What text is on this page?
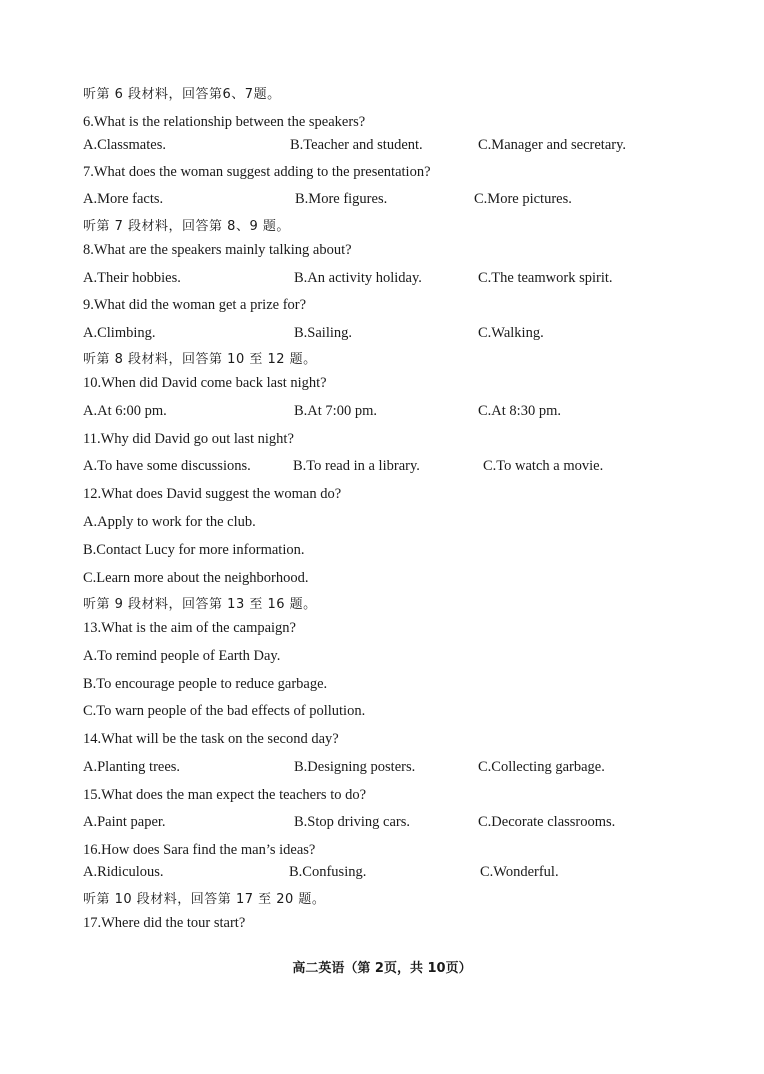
听第 6 段材料，回答第6、7题。
6.What is the relationship between the speakers?
A.Classmates.	B.Teacher and student.	C.Manager and secretary.
7.What does the woman suggest adding to the presentation?
A.More facts.	B.More figures.	C.More pictures.
听第 7 段材料，回答第 8、9 题。
8.What are the speakers mainly talking about?
A.Their hobbies.	B.An activity holiday.	C.The teamwork spirit.
9.What did the woman get a prize for?
A.Climbing.	B.Sailing.	C.Walking.
听第 8 段材料，回答第 10 至 12 题。
10.When did David come back last night?
A.At 6:00 pm.	B.At 7:00 pm.	C.At 8:30 pm.
11.Why did David go out last night?
A.To have some discussions.	B.To read in a library.	C.To watch a movie.
12.What does David suggest the woman do?
A.Apply to work for the club.
B.Contact Lucy for more information.
C.Learn more about the neighborhood.
听第 9 段材料，回答第 13 至 16 题。
13.What is the aim of the campaign?
A.To remind people of Earth Day.
B.To encourage people to reduce garbage.
C.To warn people of the bad effects of pollution.
14.What will be the task on the second day?
A.Planting trees.	B.Designing posters.	C.Collecting garbage.
15.What does the man expect the teachers to do?
A.Paint paper.	B.Stop driving cars.	C.Decorate classrooms.
16.How does Sara find the man’s ideas?
A.Ridiculous.	B.Confusing.	C.Wonderful.
听第 10 段材料，回答第 17 至 20 题。
17.Where did the tour start?
高二英语（第 2页，共 10页）
